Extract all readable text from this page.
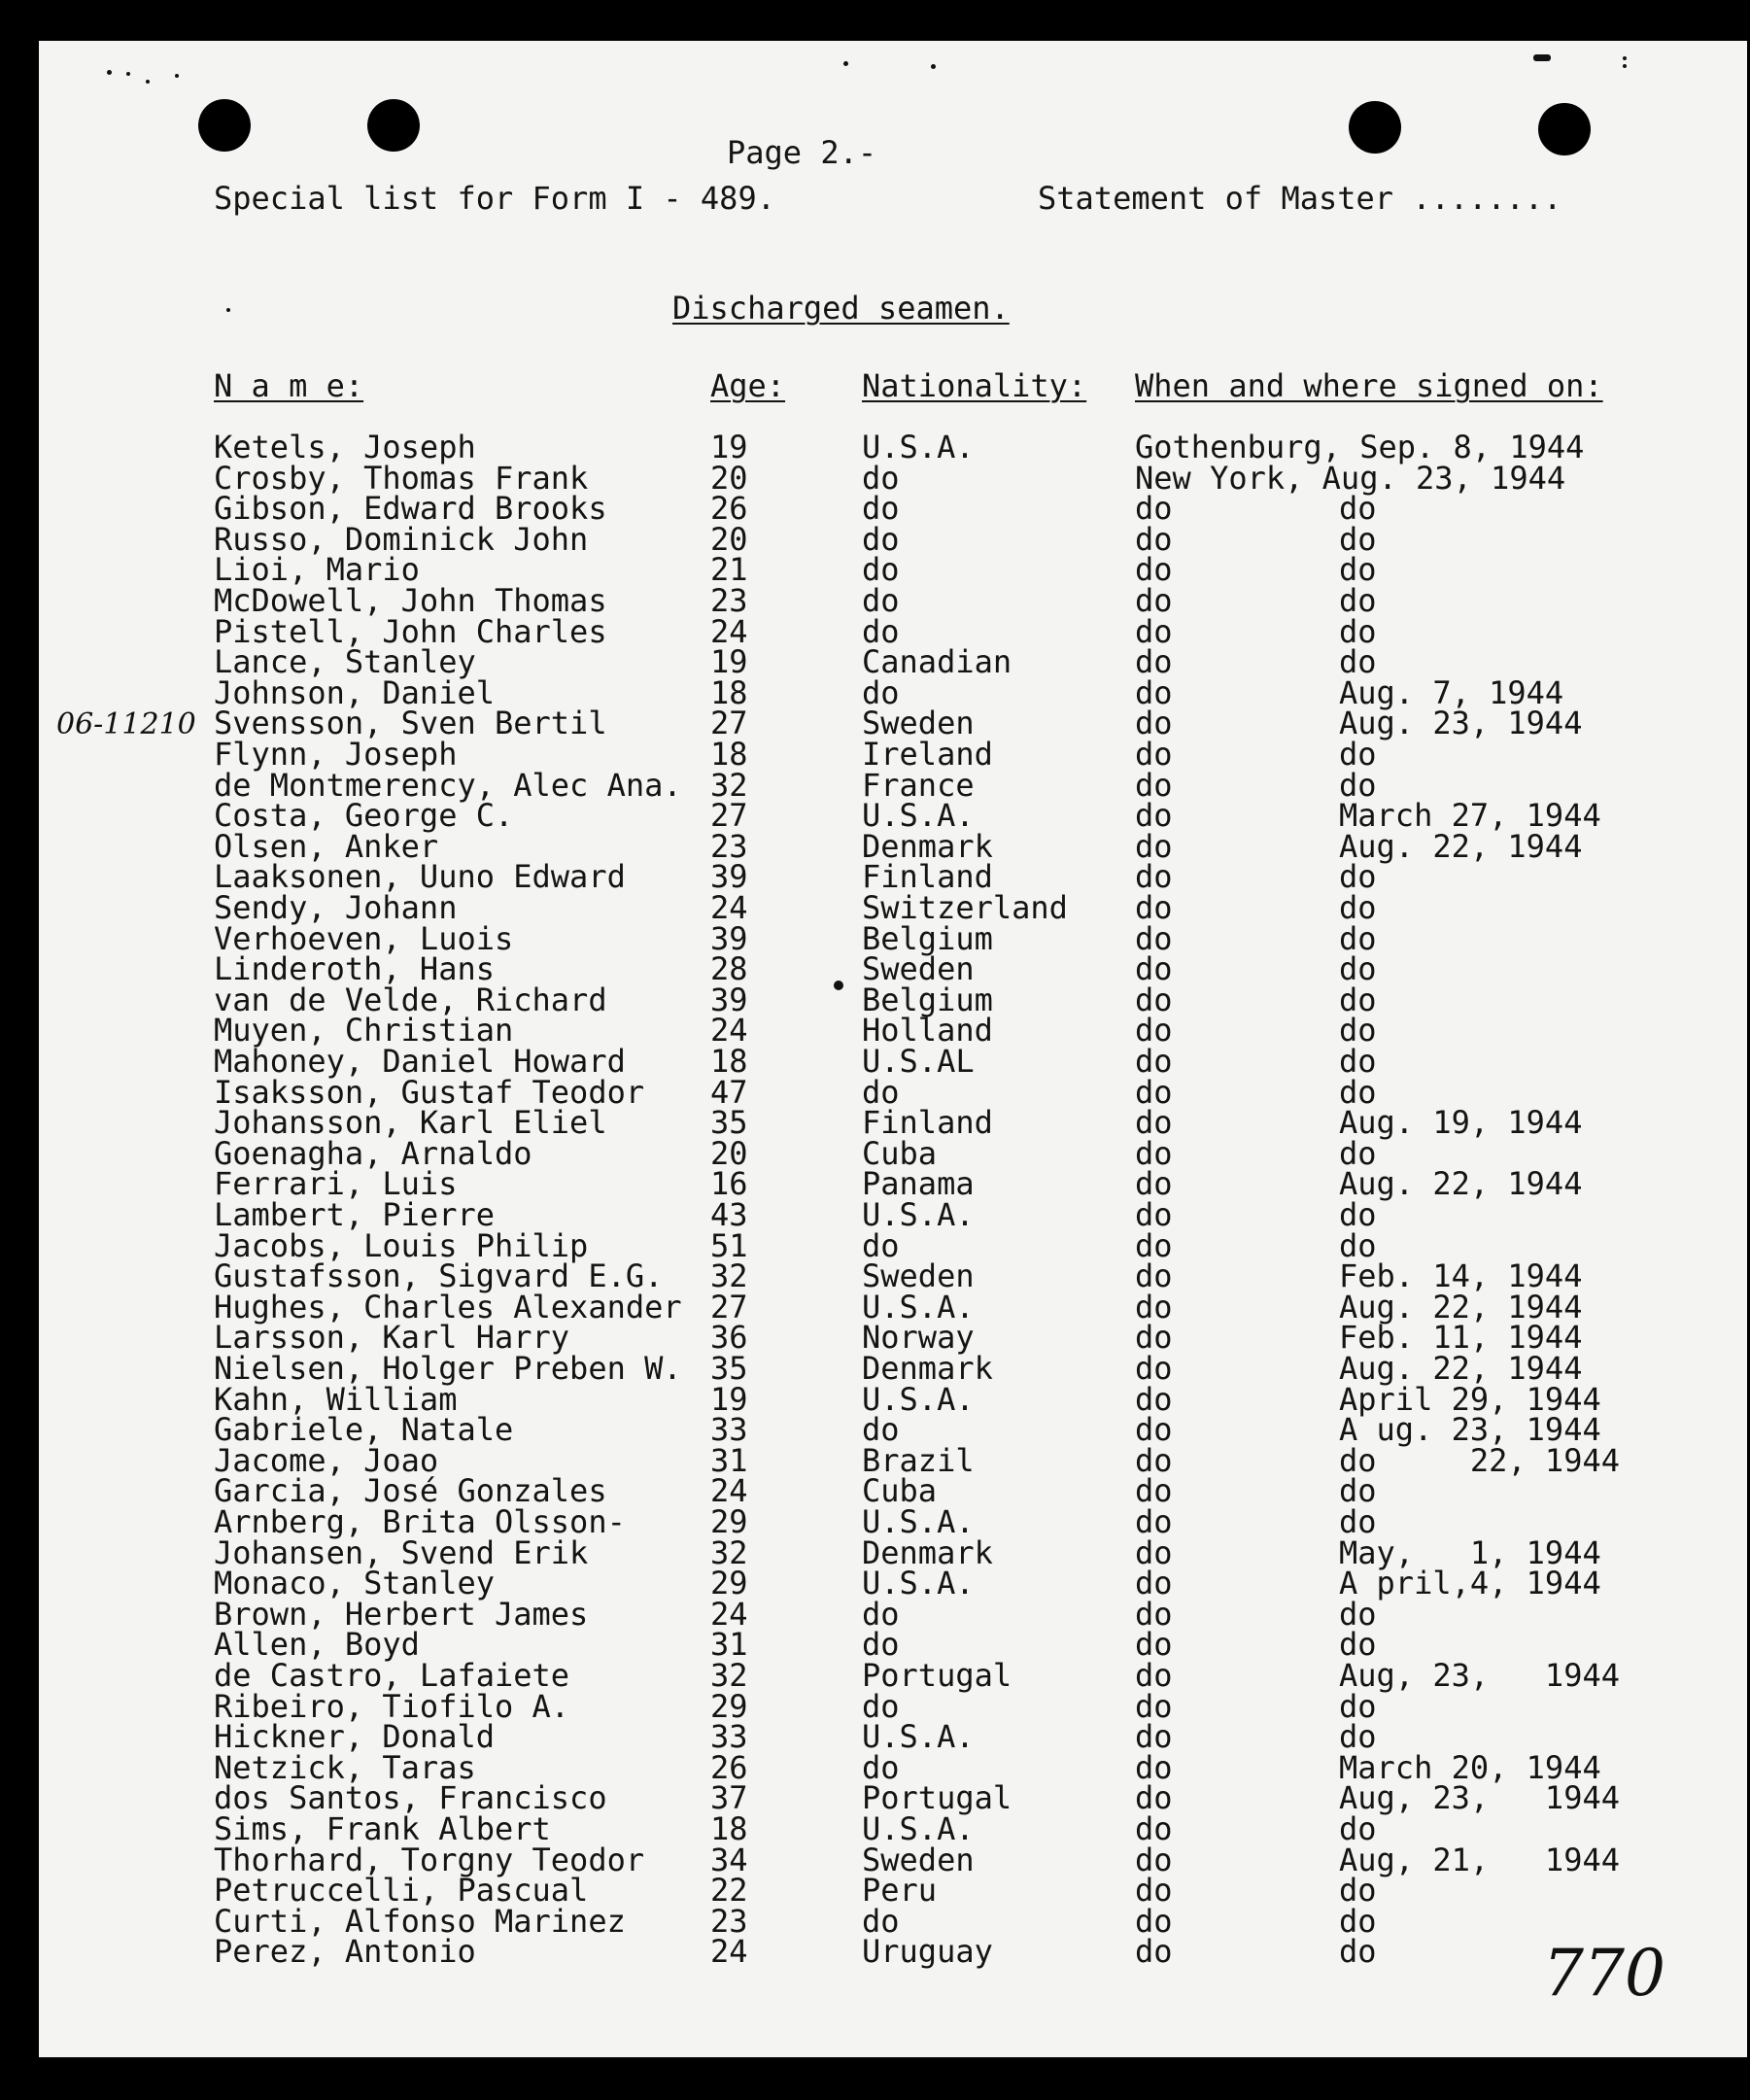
Page 2.-
Special list for Form I - 489.	Statement of Master ........
Discharged seamen.
N a m e:	Age: Nationality: When and where signed on:
Ketels, Joseph	19	U.S.A.	Gothenburg, Sep. 8, 1944
Crosby, Thomas Frank	20	do	New York, Aug. 23, 1944
Gibson, Edward Brooks	26	do	do	do
Russo, Dominick John	20	do	do	do
Lioi, Mario	21	do	do	do
McDowell, John Thomas	23	do	do	do
Pistell, John Charles	24	do	do	do
Lance, Stanley	19	Canadian	do	do
Johnson, Daniel	18	do	do	Aug. 7, 1944
Svensson, Sven Bertil	27	Sweden	do	Aug. 23, 1944
Flynn, Joseph	18	Ireland	do	do
de Montmerency, Alec Ana. 32	France	do	do
Costa, George C.	27	U.S.A.	do	March 27, 1944
Olsen, Anker	23	Denmark	do	Aug. 22, 1944
Laaksonen, Uuno Edward	39	Finland	do	do
Sendy, Johann	24	Switzerland do	do
Verhoeven, Luois	39	Belgium	do	do
Linderoth, Hans	28	Sweden	do	do
van de Velde, Richard	39	Belgium	do	do
Muyen, Christian	24	Holland	do	do
Mahoney, Daniel Howard	18	U.S.AL	do	do
Isaksson, Gustaf Teodor 47	do	do	do
Johansson, Karl Eliel	35	Finland	do	Aug. 19, 1944
Goenagha, Arnaldo	20	Cuba	do	do
Ferrari, Luis	16	Panama	do	Aug. 22, 1944
Lambert, Pierre	43	U.S.A.	do	do
Jacobs, Louis Philip	51	do	do	do
Gustafsson, Sigvard E.G. 32	Sweden	do	Feb. 14, 1944
Hughes, Charles Alexander 27	U.S.A.	do	Aug. 22, 1944
Larsson, Karl Harry	36	Norway	do	Feb. 11, 1944
Nielsen, Holger Preben W. 35	Denmark	do	Aug. 22, 1944
Kahn, William	19	U.S.A.	do	April 29, 1944
Gabriele, Natale	33	do	do	A ug. 23, 1944
Jacome, Joao	31	Brazil	do	do     22, 1944
Garcia, José Gonzales	24	Cuba	do	do
Arnberg, Brita Olsson-	29	U.S.A.	do	do
Johansen, Svend Erik	32	Denmark	do	May,   1, 1944
Monaco, Stanley	29	U.S.A.	do	A pril,4, 1944
Brown, Herbert James	24	do	do	do
Allen, Boyd	31	do	do	do
de Castro, Lafaiete	32	Portugal	do	Aug, 23,   1944
Ribeiro, Tiofilo A.	29	do	do	do
Hickner, Donald	33	U.S.A.	do	do
Netzick, Taras	26	do	do	March 20, 1944
dos Santos, Francisco	37	Portugal	do	Aug, 23,   1944
Sims, Frank Albert	18	U.S.A.	do	do
Thorhard, Torgny Teodor 34	Sweden	do	Aug, 21,   1944
Petruccelli, Pascual	22	Peru	do	do
Curti, Alfonso Marinez	23	do	do	do
Perez, Antonio	24	Uruguay	do	do
06-11210
770
